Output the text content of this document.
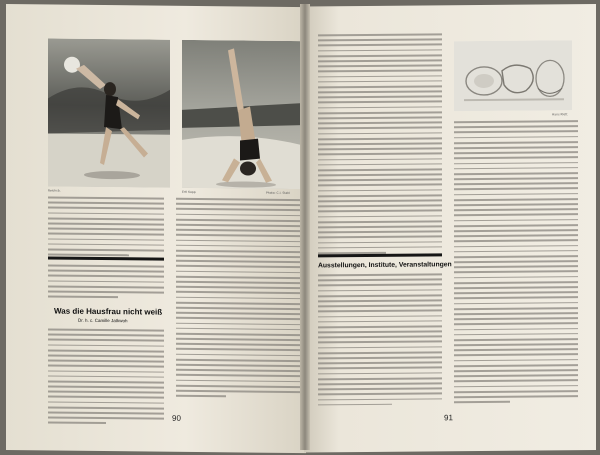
Reichsb.	Ertl Kapp	Photo: C.I. Stahl
Was die Hausfrau nicht weiß
Dr. h. c. Camille Jatkwoh
90
Hans Klett
Ausstellungen, Institute, Veranstaltungen
91
